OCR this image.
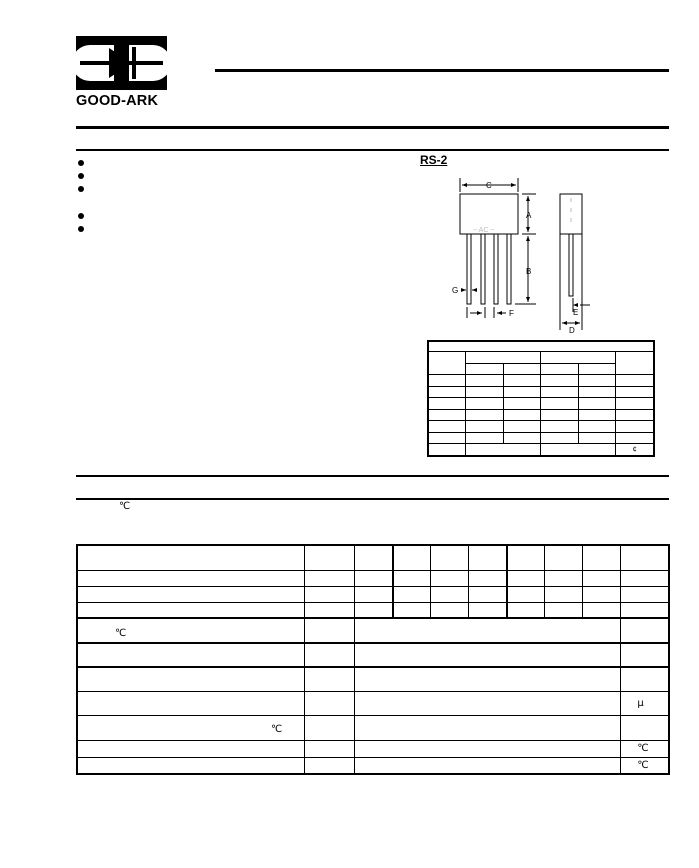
GOOD-ARK
RS-2
C
A
B
G
F	E
D
~ AC ~

					¢
℃

℃									

									μ

℃									

									℃

									℃
